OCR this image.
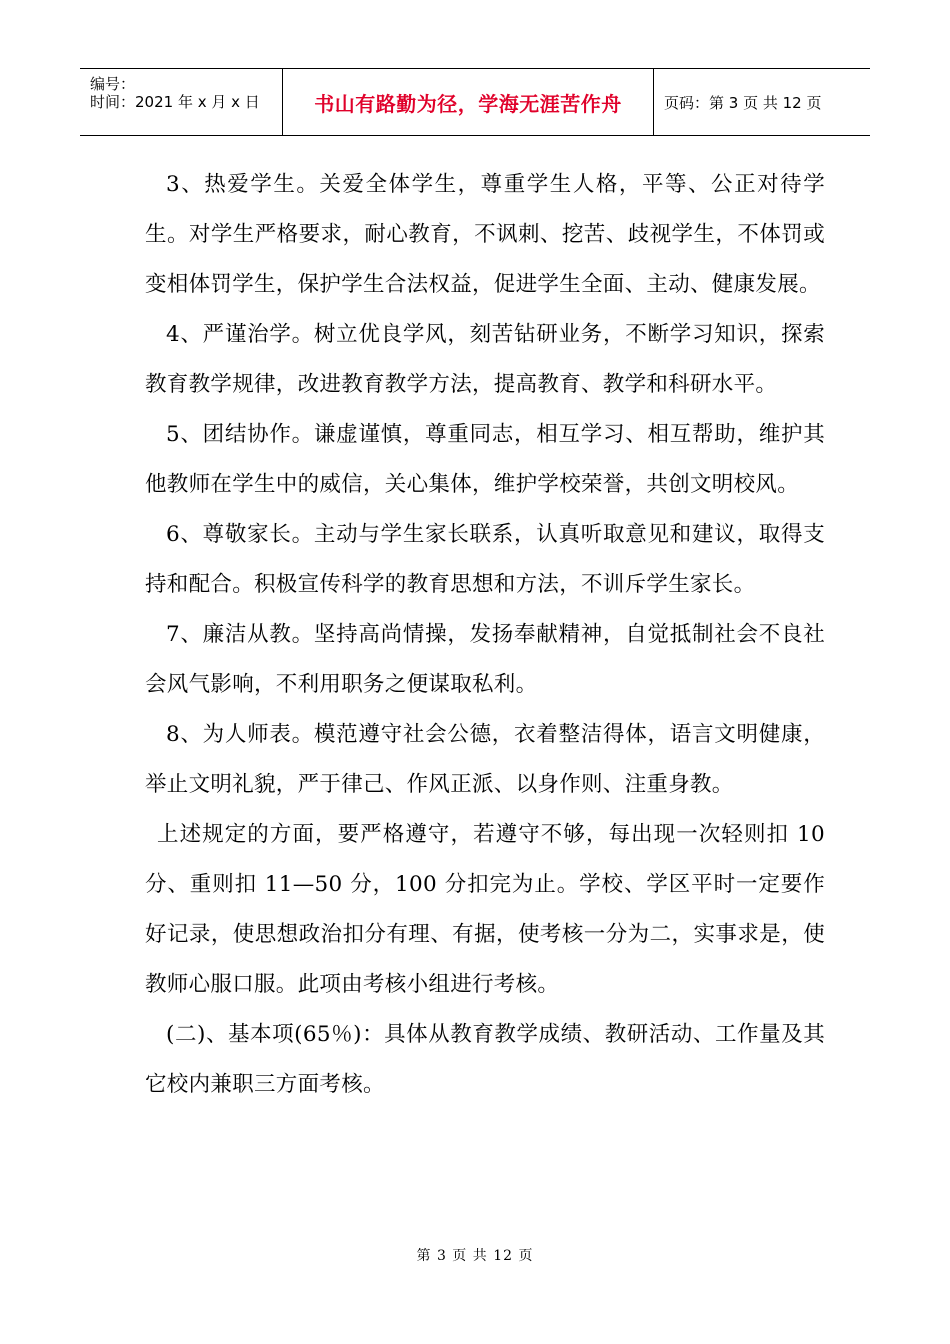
编号：
时间：2021 年 x 月 x 日	书山有路勤为径，学海无涯苦作舟	页码：第 3 页 共 12 页

3、热爱学生。关爱全体学生，尊重学生人格，平等、公正对待学生。对学生严格要求，耐心教育，不讽刺、挖苦、歧视学生，不体罚或变相体罚学生，保护学生合法权益，促进学生全面、主动、健康发展。

4、严谨治学。树立优良学风，刻苦钻研业务，不断学习知识，探索教育教学规律，改进教育教学方法，提高教育、教学和科研水平。

5、团结协作。谦虚谨慎，尊重同志，相互学习、相互帮助，维护其他教师在学生中的威信，关心集体，维护学校荣誉，共创文明校风。

6、尊敬家长。主动与学生家长联系，认真听取意见和建议，取得支持和配合。积极宣传科学的教育思想和方法，不训斥学生家长。

7、廉洁从教。坚持高尚情操，发扬奉献精神，自觉抵制社会不良社会风气影响，不利用职务之便谋取私利。

8、为人师表。模范遵守社会公德，衣着整洁得体，语言文明健康，举止文明礼貌，严于律己、作风正派、以身作则、注重身教。

上述规定的方面，要严格遵守，若遵守不够，每出现一次轻则扣 10 分、重则扣 11—50 分，100 分扣完为止。学校、学区平时一定要作好记录，使思想政治扣分有理、有据，使考核一分为二，实事求是，使教师心服口服。此项由考核小组进行考核。

(二)、基本项(65％)：具体从教育教学成绩、教研活动、工作量及其它校内兼职三方面考核。

第 3 页 共 12 页
